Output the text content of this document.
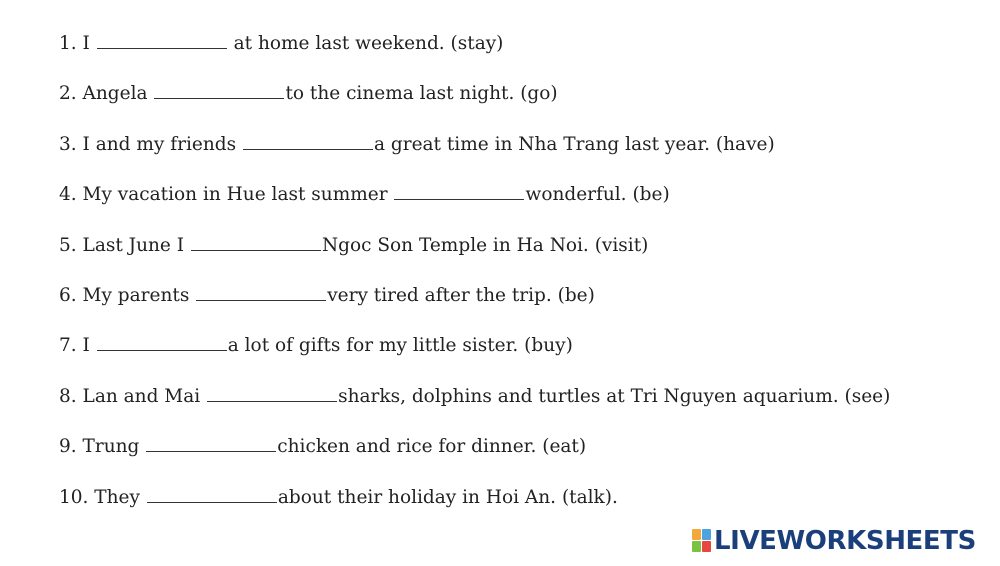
1. I	at home last weekend. (stay)
2. Angela	to the cinema last night. (go)
3. I and my friends	a great time in Nha Trang last year. (have)
4. My vacation in Hue last summer	wonderful. (be)
5. Last June I	Ngoc Son Temple in Ha Noi. (visit)
6. My parents	very tired after the trip. (be)
7. I	a lot of gifts for my little sister. (buy)
8. Lan and Mai	sharks, dolphins and turtles at Tri Nguyen aquarium. (see)
9. Trung	chicken and rice for dinner. (eat)
10. They	about their holiday in Hoi An. (talk).
LIVEWORKSHEETS
